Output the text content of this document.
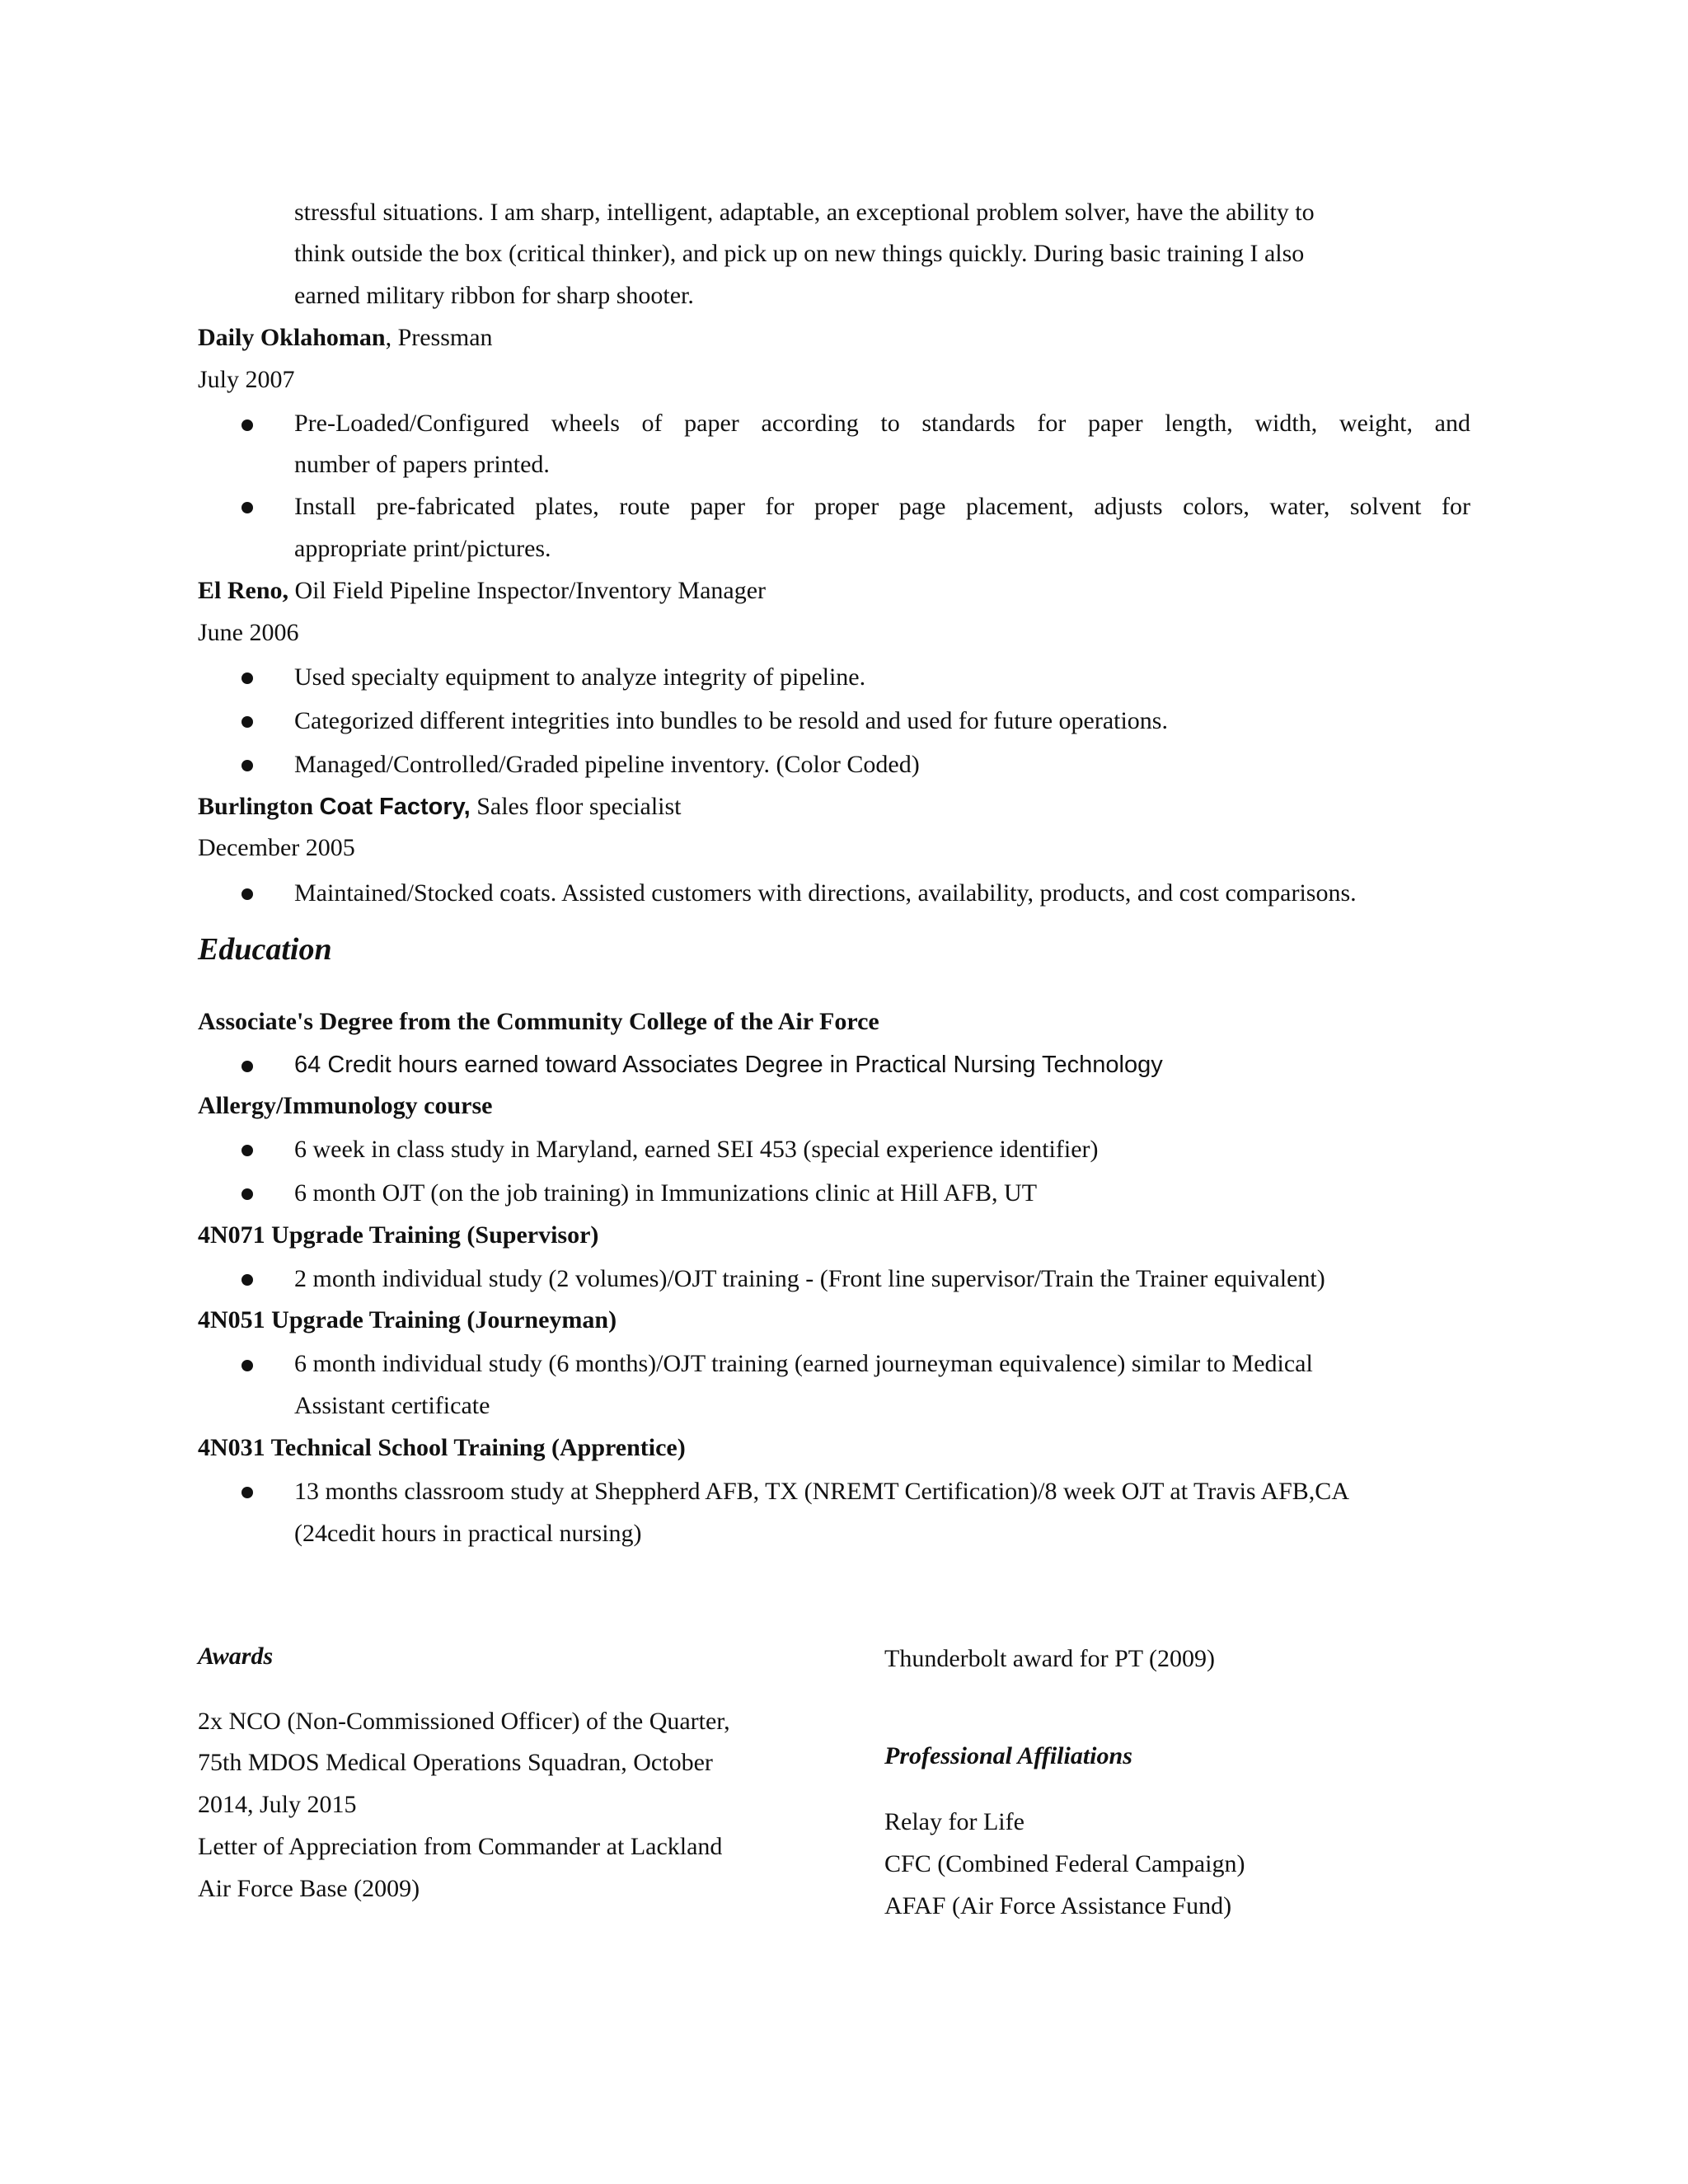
stressful situations. I am sharp, intelligent, adaptable, an exceptional problem solver, have the ability to
think outside the box (critical thinker), and pick up on new things quickly. During basic training I also
earned military ribbon for sharp shooter.
Daily Oklahoman, Pressman
July 2007
Pre-Loaded/Configured wheels of paper according to standards for paper length, width, weight, and
number of papers printed.
Install pre-fabricated plates, route paper for proper page placement, adjusts colors, water, solvent for
appropriate print/pictures.
El Reno, Oil Field Pipeline Inspector/Inventory Manager
June 2006
Used specialty equipment to analyze integrity of pipeline.
Categorized different integrities into bundles to be resold and used for future operations.
Managed/Controlled/Graded pipeline inventory. (Color Coded)
Burlington Coat Factory, Sales floor specialist
December 2005
Maintained/Stocked coats. Assisted customers with directions, availability, products, and cost comparisons.
Education
Associate's Degree from the Community College of the Air Force
64 Credit hours earned toward Associates Degree in Practical Nursing Technology
Allergy/Immunology course
6 week in class study in Maryland, earned SEI 453 (special experience identifier)
6 month OJT (on the job training) in Immunizations clinic at Hill AFB, UT
4N071 Upgrade Training (Supervisor)
2 month individual study (2 volumes)/OJT training - (Front line supervisor/Train the Trainer equivalent)
4N051 Upgrade Training (Journeyman)
6 month individual study (6 months)/OJT training (earned journeyman equivalence) similar to Medical
Assistant certificate
4N031 Technical School Training (Apprentice)
13 months classroom study at Sheppherd AFB, TX (NREMT Certification)/8 week OJT at Travis AFB,CA
(24cedit hours in practical nursing)
Awards
2x NCO (Non-Commissioned Officer) of the Quarter,
75th MDOS Medical Operations Squadran, October
2014, July 2015
Letter of Appreciation from Commander at Lackland
Air Force Base (2009)
Thunderbolt award for PT (2009)
Professional Affiliations
Relay for Life
CFC (Combined Federal Campaign)
AFAF (Air Force Assistance Fund)
